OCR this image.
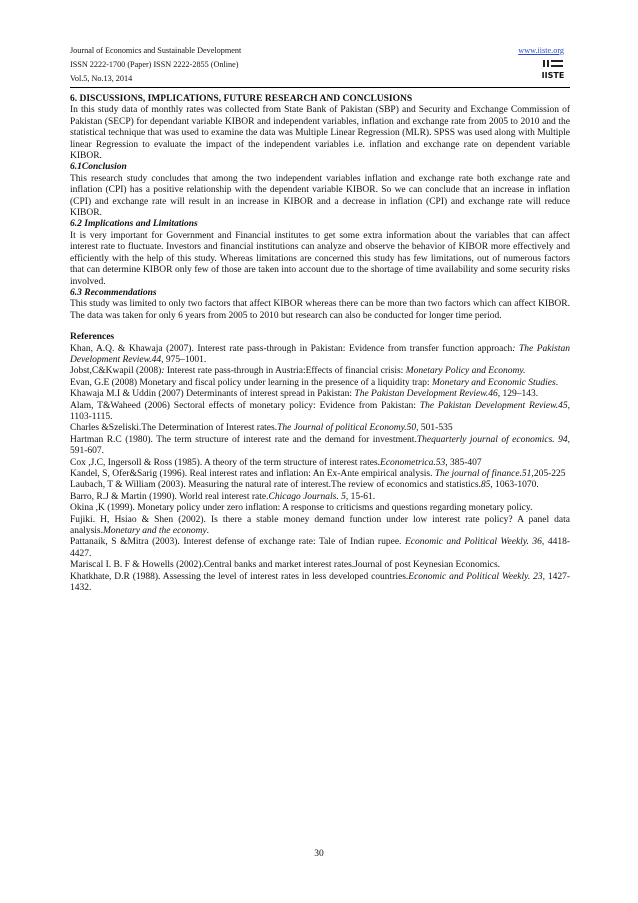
Journal of Economics and Sustainable Development
ISSN 2222-1700 (Paper) ISSN 2222-2855 (Online)
Vol.5, No.13, 2014
www.iiste.org
IISTE

6. DISCUSSIONS, IMPLICATIONS, FUTURE RESEARCH AND CONCLUSIONS

In this study data of monthly rates was collected from State Bank of Pakistan (SBP) and Security and Exchange Commission of Pakistan (SECP) for dependant variable KIBOR and independent variables, inflation and exchange rate from 2005 to 2010 and the statistical technique that was used to examine the data was Multiple Linear Regression (MLR). SPSS was used along with Multiple linear Regression to evaluate the impact of the independent variables i.e. inflation and exchange rate on dependent variable KIBOR.

6.1Conclusion

This research study concludes that among the two independent variables inflation and exchange rate both exchange rate and inflation (CPI) has a positive relationship with the dependent variable KIBOR. So we can conclude that an increase in inflation (CPI) and exchange rate will result in an increase in KIBOR and a decrease in inflation (CPI) and exchange rate will reduce KIBOR.

6.2 Implications and Limitations

It is very important for Government and Financial institutes to get some extra information about the variables that can affect interest rate to fluctuate. Investors and financial institutions can analyze and observe the behavior of KIBOR more effectively and efficiently with the help of this study. Whereas limitations are concerned this study has few limitations, out of numerous factors that can determine KIBOR only few of those are taken into account due to the shortage of time availability and some security risks involved.

6.3 Recommendations

This study was limited to only two factors that affect KIBOR whereas there can be more than two factors which can affect KIBOR. The data was taken for only 6 years from 2005 to 2010 but research can also be conducted for longer time period.

References

Khan, A.Q. & Khawaja (2007). Interest rate pass-through in Pakistan: Evidence from transfer function approach: The Pakistan Development Review.44, 975–1001.

Jobst,C&Kwapil (2008): Interest rate pass-through in Austria:Effects of financial crisis: Monetary Policy and Economy.

Evan, G.E (2008) Monetary and fiscal policy under learning in the presence of a liquidity trap: Monetary and Economic Studies.

Khawaja M.I & Uddin (2007) Determinants of interest spread in Pakistan: The Pakistan Development Review.46, 129–143.

Alam, T&Waheed (2006) Sectoral effects of monetary policy: Evidence from Pakistan: The Pakistan Development Review.45, 1103-1115.

Charles &Szeliski.The Determination of Interest rates.The Journal of political Economy.50, 501-535

Hartman R.C (1980). The term structure of interest rate and the demand for investment.Thequarterly journal of economics. 94, 591-607.

Cox ,J.C, Ingersoll & Ross (1985). A theory of the term structure of interest rates.Econometrica.53, 385-407

Kandel, S, Ofer&Sarig (1996). Real interest rates and inflation: An Ex-Ante empirical analysis. The journal of finance.51,205-225

Laubach, T & William (2003). Measuring the natural rate of interest.The review of economics and statistics.85, 1063-1070.

Barro, R.J & Martin (1990). World real interest rate.Chicago Journals. 5, 15-61.

Okina ,K (1999). Monetary policy under zero inflation: A response to criticisms and questions regarding monetary policy.

Fujiki. H, Hsiao & Shen (2002). Is there a stable money demand function under low interest rate policy? A panel data analysis.Monetary and the economy.

Pattanaik, S &Mitra (2003). Interest defense of exchange rate: Tale of Indian rupee. Economic and Political Weekly. 36, 4418-4427.

Mariscal I. B. F & Howells (2002).Central banks and market interest rates.Journal of post Keynesian Economics.

Khatkhate, D.R (1988). Assessing the level of interest rates in less developed countries.Economic and Political Weekly. 23, 1427-1432.

30
